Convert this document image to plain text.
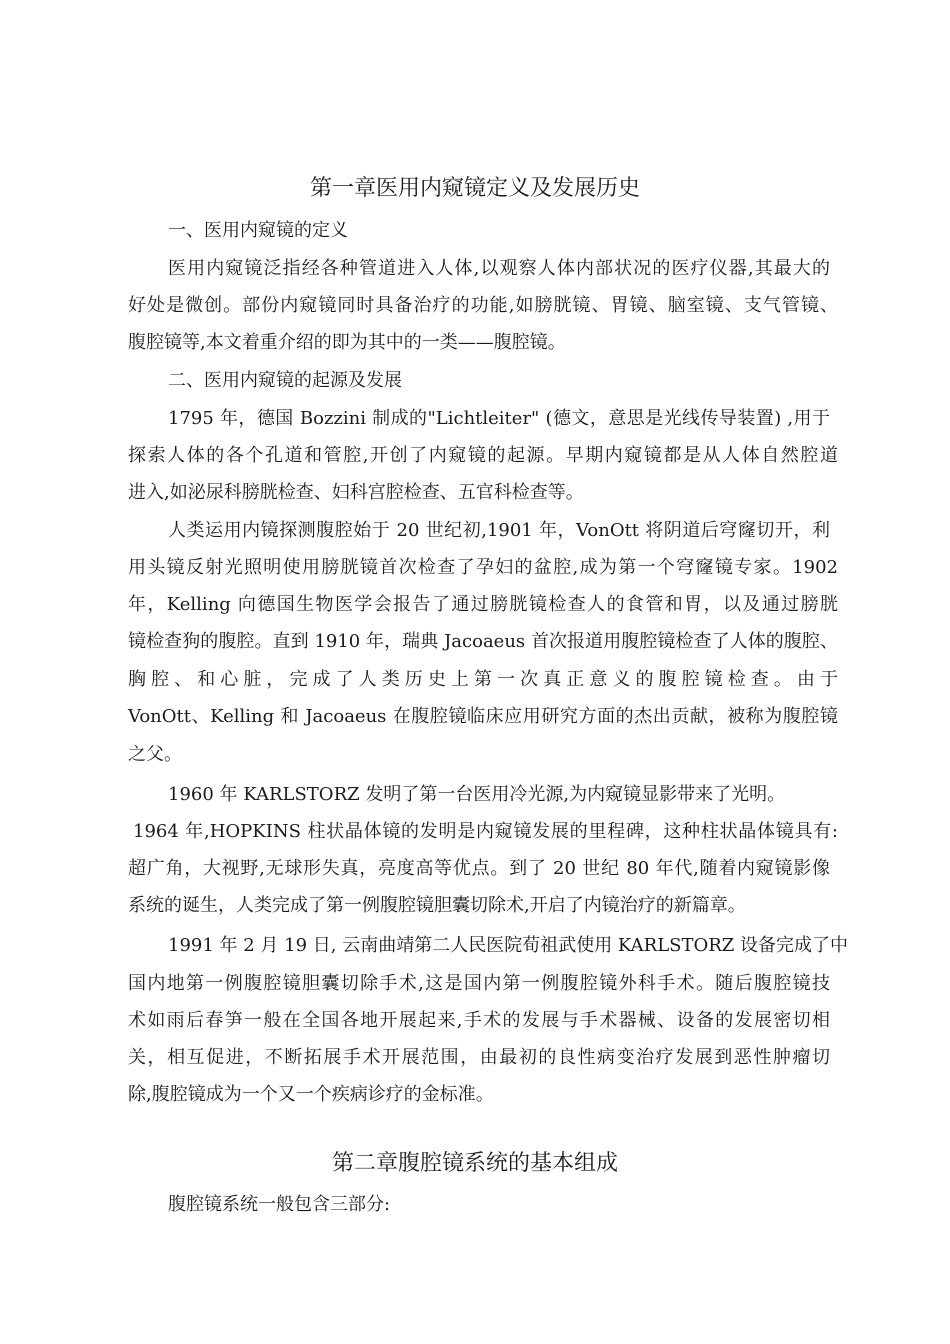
第一章医用内窥镜定义及发展历史
一、医用内窥镜的定义
医用内窥镜泛指经各种管道进入人体,以观察人体内部状况的医疗仪器,其最大的
好处是微创。部份内窥镜同时具备治疗的功能,如膀胱镜、胃镜、脑室镜、支气管镜、
腹腔镜等,本文着重介绍的即为其中的一类——腹腔镜。
二、医用内窥镜的起源及发展
1795 年，德国 Bozzini 制成的"Lichtleiter" (德文，意思是光线传导装置) ,用于
探索人体的各个孔道和管腔,开创了内窥镜的起源。早期内窥镜都是从人体自然腔道
进入,如泌尿科膀胱检查、妇科宫腔检查、五官科检查等。
人类运用内镜探测腹腔始于 20 世纪初,1901 年，VonOtt 将阴道后穹窿切开，利
用头镜反射光照明使用膀胱镜首次检查了孕妇的盆腔,成为第一个穹窿镜专家。1902
年，Kelling 向德国生物医学会报告了通过膀胱镜检查人的食管和胃，以及通过膀胱
镜检查狗的腹腔。直到 1910 年，瑞典 Jacoaeus 首次报道用腹腔镜检查了人体的腹腔、
胸腔、和心脏，完成了人类历史上第一次真正意义的腹腔镜检查。由于
VonOtt、Kelling 和 Jacoaeus 在腹腔镜临床应用研究方面的杰出贡献，被称为腹腔镜
之父。
1960 年 KARLSTORZ 发明了第一台医用冷光源,为内窥镜显影带来了光明。
1964 年,HOPKINS 柱状晶体镜的发明是内窥镜发展的里程碑，这种柱状晶体镜具有:
超广角，大视野,无球形失真，亮度高等优点。到了 20 世纪 80 年代,随着内窥镜影像
系统的诞生，人类完成了第一例腹腔镜胆囊切除术,开启了内镜治疗的新篇章。
1991 年 2 月 19 日, 云南曲靖第二人民医院荀祖武使用 KARLSTORZ 设备完成了中
国内地第一例腹腔镜胆囊切除手术,这是国内第一例腹腔镜外科手术。随后腹腔镜技
术如雨后春笋一般在全国各地开展起来,手术的发展与手术器械、设备的发展密切相
关，相互促进，不断拓展手术开展范围，由最初的良性病变治疗发展到恶性肿瘤切
除,腹腔镜成为一个又一个疾病诊疗的金标准。
第二章腹腔镜系统的基本组成
腹腔镜系统一般包含三部分:
